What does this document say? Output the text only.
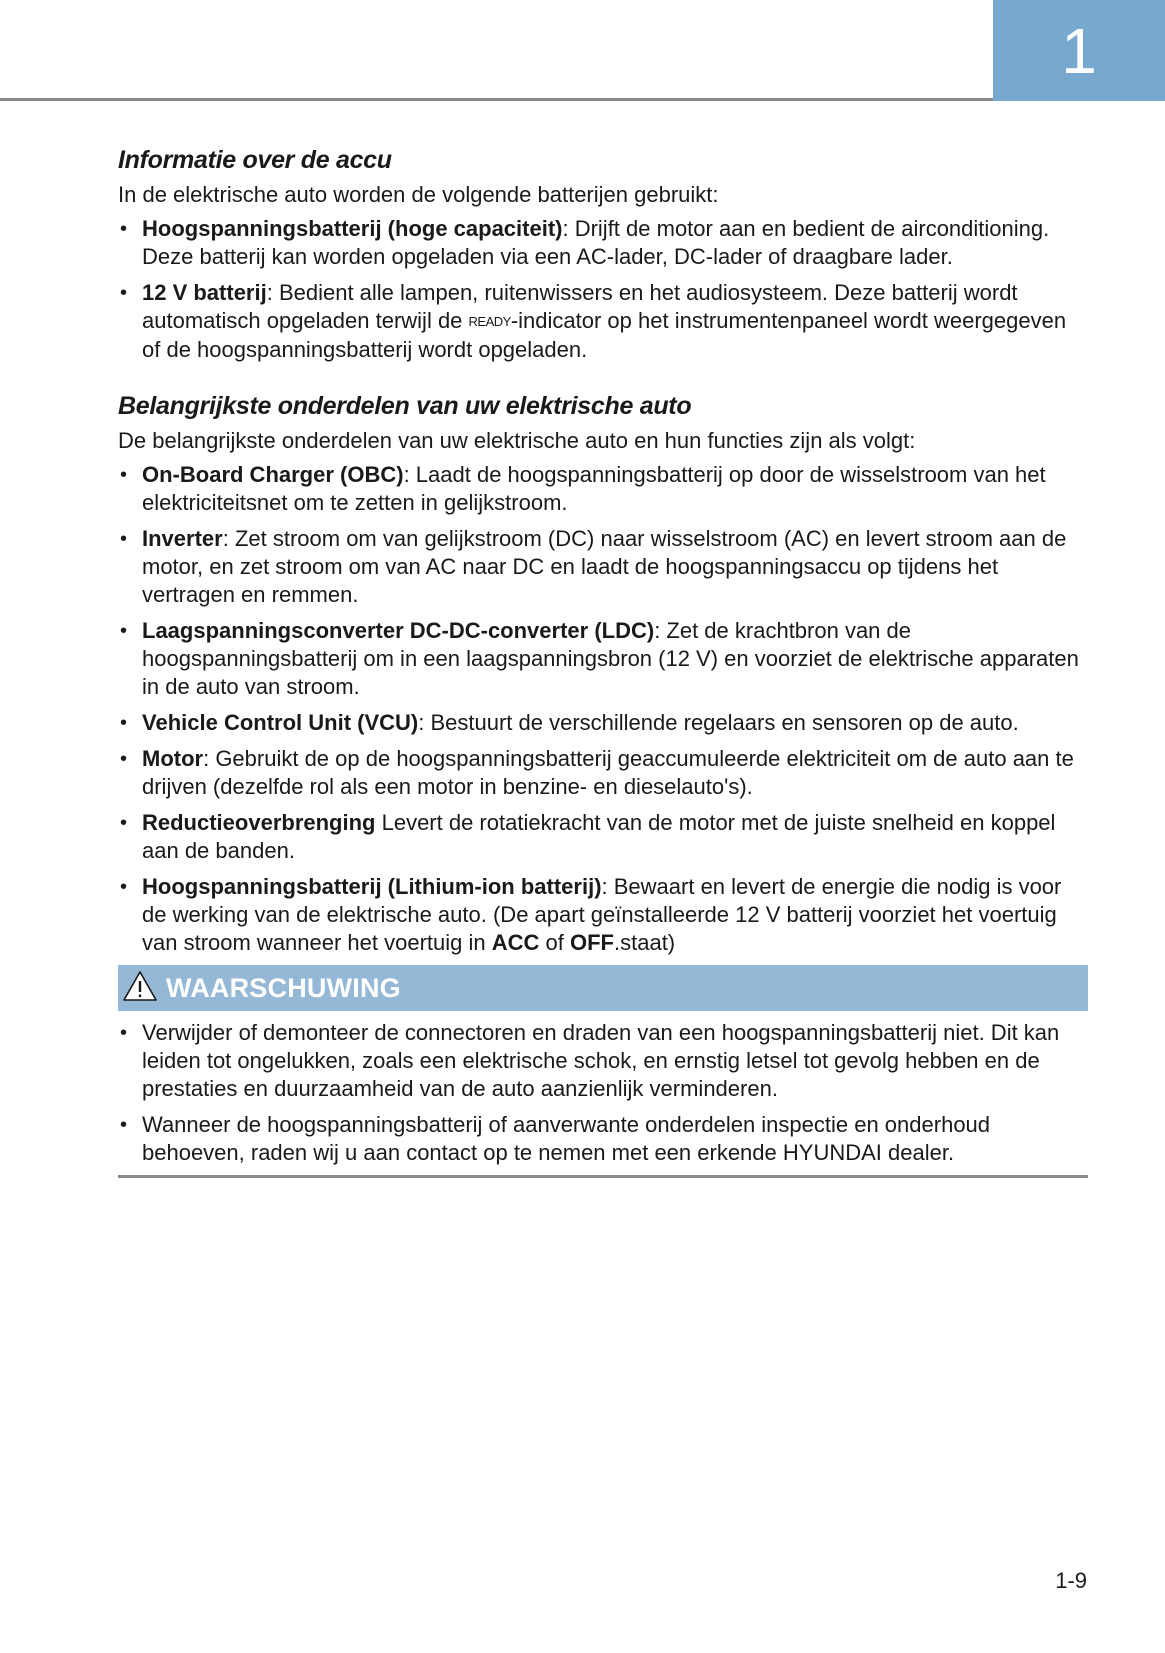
1
Informatie over de accu

In de elektrische auto worden de volgende batterijen gebruikt:

• Hoogspanningsbatterij (hoge capaciteit): Drijft de motor aan en bedient de airconditioning. Deze batterij kan worden opgeladen via een AC-lader, DC-lader of draagbare lader.
• 12 V batterij: Bedient alle lampen, ruitenwissers en het audiosysteem. Deze batterij wordt automatisch opgeladen terwijl de READY-indicator op het instrumentenpaneel wordt weergegeven of de hoogspanningsbatterij wordt opgeladen.
Belangrijkste onderdelen van uw elektrische auto

De belangrijkste onderdelen van uw elektrische auto en hun functies zijn als volgt:

• On-Board Charger (OBC): Laadt de hoogspanningsbatterij op door de wisselstroom van het elektriciteitsnet om te zetten in gelijkstroom.
• Inverter: Zet stroom om van gelijkstroom (DC) naar wisselstroom (AC) en levert stroom aan de motor, en zet stroom om van AC naar DC en laadt de hoogspanningsaccu op tijdens het vertragen en remmen.
• Laagspanningsconverter DC-DC-converter (LDC): Zet de krachtbron van de hoogspanningsbatterij om in een laagspanningsbron (12 V) en voorziet de elektrische apparaten in de auto van stroom.
• Vehicle Control Unit (VCU): Bestuurt de verschillende regelaars en sensoren op de auto.
• Motor: Gebruikt de op de hoogspanningsbatterij geaccumuleerde elektriciteit om de auto aan te drijven (dezelfde rol als een motor in benzine- en dieselauto's).
• Reductieoverbrenging Levert de rotatiekracht van de motor met de juiste snelheid en koppel aan de banden.
• Hoogspanningsbatterij (Lithium-ion batterij): Bewaart en levert de energie die nodig is voor de werking van de elektrische auto. (De apart geïnstalleerde 12 V batterij voorziet het voertuig van stroom wanneer het voertuig in ACC of OFF.staat)
WAARSCHUWING
• Verwijder of demonteer de connectoren en draden van een hoogspanningsbatterij niet. Dit kan leiden tot ongelukken, zoals een elektrische schok, en ernstig letsel tot gevolg hebben en de prestaties en duurzaamheid van de auto aanzienlijk verminderen.
• Wanneer de hoogspanningsbatterij of aanverwante onderdelen inspectie en onderhoud behoeven, raden wij u aan contact op te nemen met een erkende HYUNDAI dealer.
1-9
